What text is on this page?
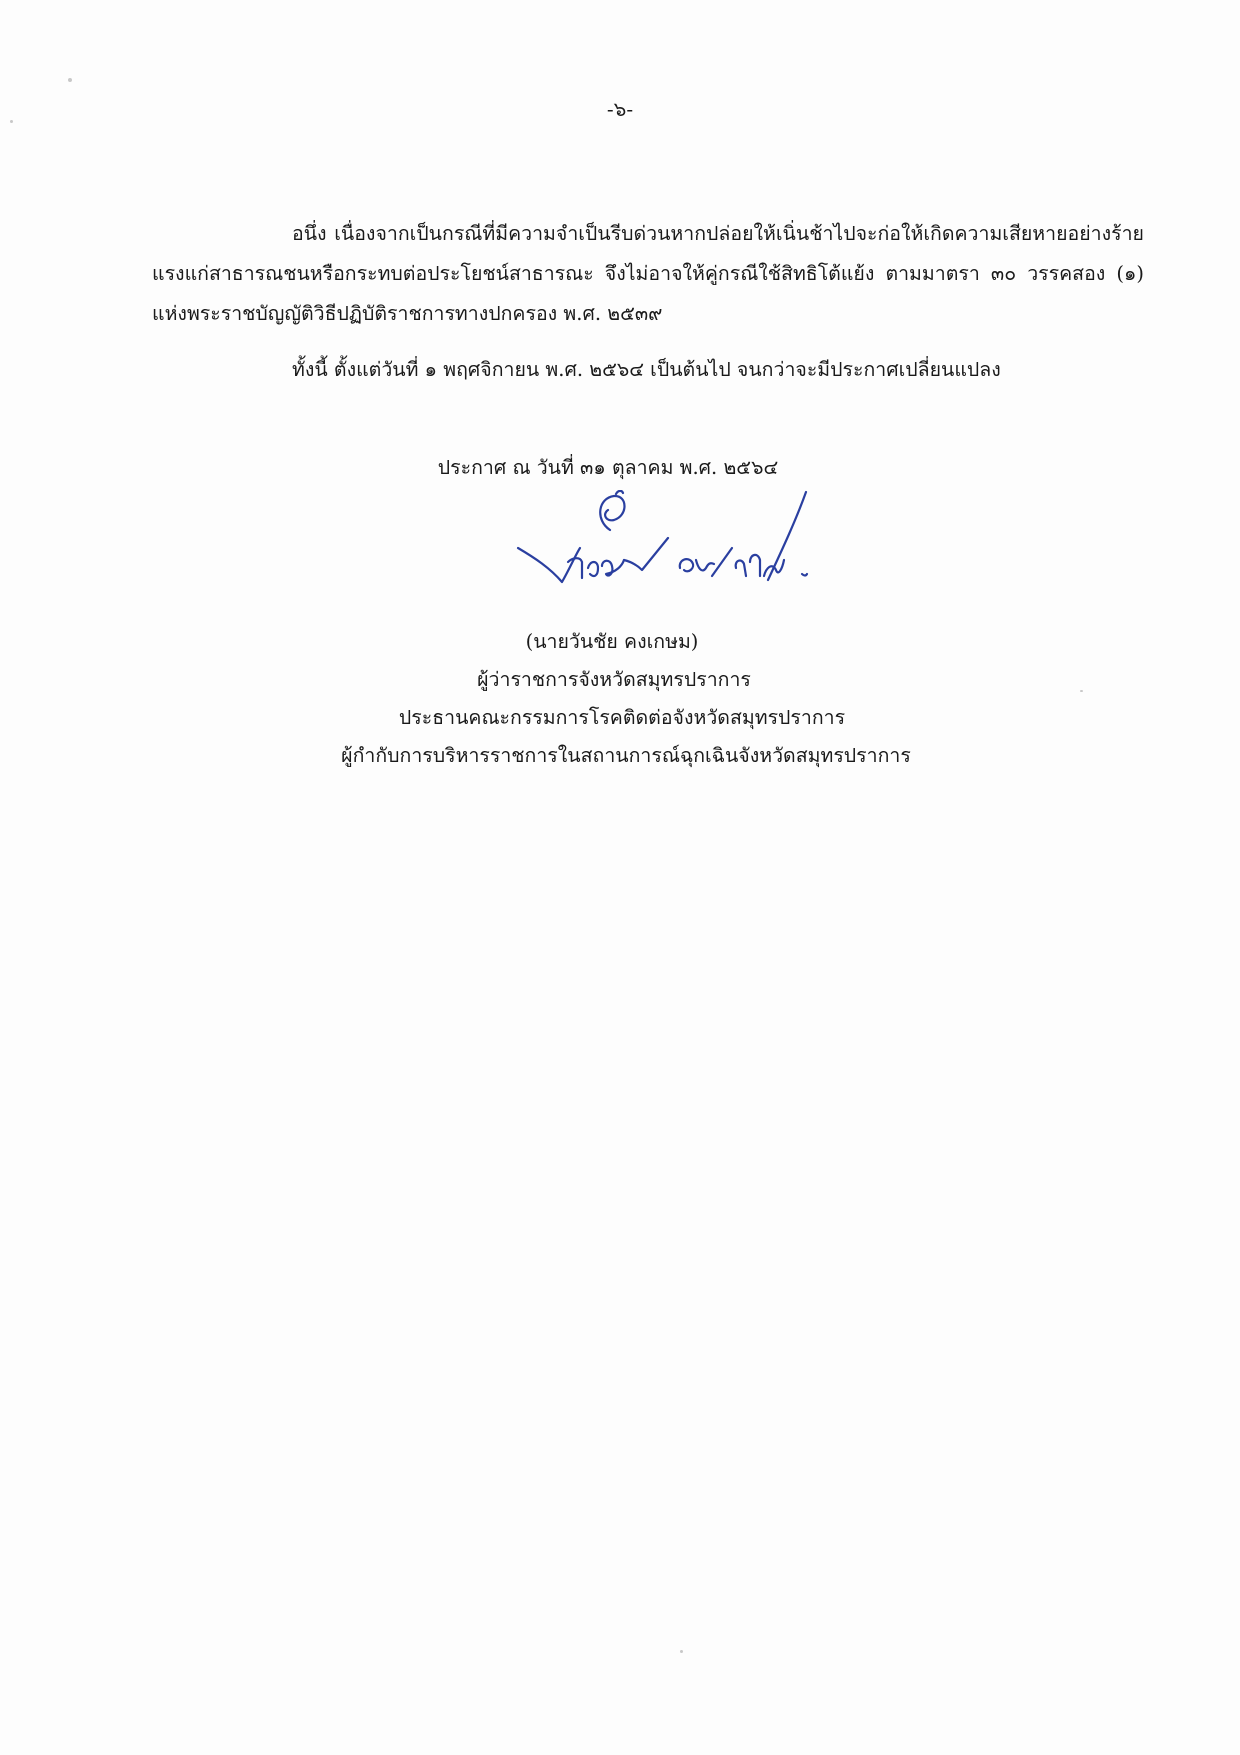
-๖-

อนึ่ง เนื่องจากเป็นกรณีที่มีความจำเป็นรีบด่วนหากปล่อยให้เนิ่นช้าไปจะก่อให้เกิดความเสียหายอย่างร้ายแรงแก่สาธารณชนหรือกระทบต่อประโยชน์สาธารณะ จึงไม่อาจให้คู่กรณีใช้สิทธิโต้แย้ง ตามมาตรา ๓๐ วรรคสอง (๑) แห่งพระราชบัญญัติวิธีปฏิบัติราชการทางปกครอง พ.ศ. ๒๕๓๙

ทั้งนี้ ตั้งแต่วันที่ ๑ พฤศจิกายน พ.ศ. ๒๕๖๔ เป็นต้นไป จนกว่าจะมีประกาศเปลี่ยนแปลง

ประกาศ ณ วันที่ ๓๑ ตุลาคม พ.ศ. ๒๕๖๔
(นายวันชัย คงเกษม)
ผู้ว่าราชการจังหวัดสมุทรปราการ
ประธานคณะกรรมการโรคติดต่อจังหวัดสมุทรปราการ
ผู้กำกับการบริหารราชการในสถานการณ์ฉุกเฉินจังหวัดสมุทรปราการ
